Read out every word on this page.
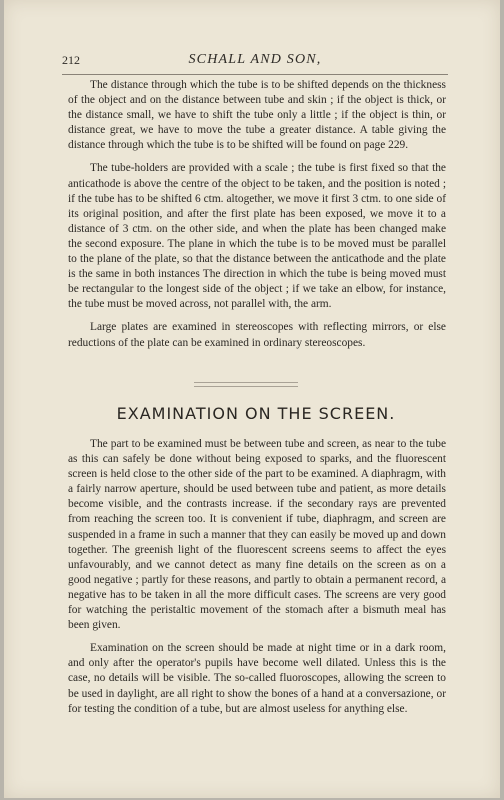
212	SCHALL AND SON,

The distance through which the tube is to be shifted depends on the thickness of the object and on the distance between tube and skin ; if the object is thick, or the distance small, we have to shift the tube only a little ; if the object is thin, or distance great, we have to move the tube a greater distance. A table giving the distance through which the tube is to be shifted will be found on page 229.

The tube-holders are provided with a scale ; the tube is first fixed so that the anticathode is above the centre of the object to be taken, and the position is noted ; if the tube has to be shifted 6 ctm. altogether, we move it first 3 ctm. to one side of its original position, and after the first plate has been exposed, we move it to a distance of 3 ctm. on the other side, and when the plate has been changed make the second exposure. The plane in which the tube is to be moved must be parallel to the plane of the plate, so that the distance between the anticathode and the plate is the same in both instances The direction in which the tube is being moved must be rectangular to the longest side of the object ; if we take an elbow, for instance, the tube must be moved across, not parallel with, the arm.

Large plates are examined in stereoscopes with reflecting mirrors, or else reductions of the plate can be examined in ordinary stereoscopes.

EXAMINATION ON THE SCREEN.

The part to be examined must be between tube and screen, as near to the tube as this can safely be done without being exposed to sparks, and the fluorescent screen is held close to the other side of the part to be examined. A diaphragm, with a fairly narrow aperture, should be used between tube and patient, as more details become visible, and the contrasts increase. if the secondary rays are prevented from reaching the screen too. It is convenient if tube, diaphragm, and screen are suspended in a frame in such a manner that they can easily be moved up and down together. The greenish light of the fluorescent screens seems to affect the eyes unfavourably, and we cannot detect as many fine details on the screen as on a good negative ; partly for these reasons, and partly to obtain a permanent record, a negative has to be taken in all the more difficult cases. The screens are very good for watching the peristaltic movement of the stomach after a bismuth meal has been given.

Examination on the screen should be made at night time or in a dark room, and only after the operator's pupils have become well dilated. Unless this is the case, no details will be visible. The so-called fluoroscopes, allowing the screen to be used in daylight, are all right to show the bones of a hand at a conversazione, or for testing the condition of a tube, but are almost useless for anything else.
